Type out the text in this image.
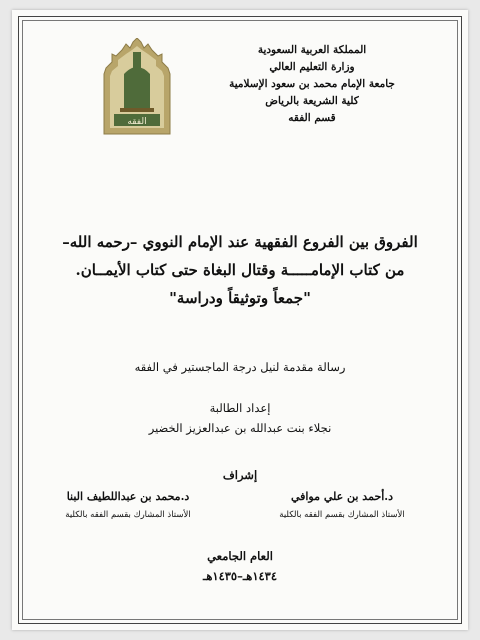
المملكة العربية السعودية
وزارة التعليم العالي
جامعة الإمام محمد بن سعود الإسلامية
كلية الشريعة بالرياض
قسم الفقه
الفقه
الفروق بين الفروع الفقهية عند الإمام النووي –رحمه الله–
من كتاب الإمامـــــة وقتال البغاة حتى كتاب الأيمــان.
"جمعاً وتوثيقاً ودراسة"
رسالة مقدمة لنيل درجة الماجستير في الفقه
إعداد الطالبة
نجلاء بنت عبدالله بن عبدالعزيز الخضير
إشراف
د.أحمد بن علي موافي
الأستاذ المشارك بقسم الفقه بالكلية
د.محمد بن عبداللطيف البنا
الأستاذ المشارك بقسم الفقه بالكلية
العام الجامعي
١٤٣٤هـ–١٤٣٥هـ
